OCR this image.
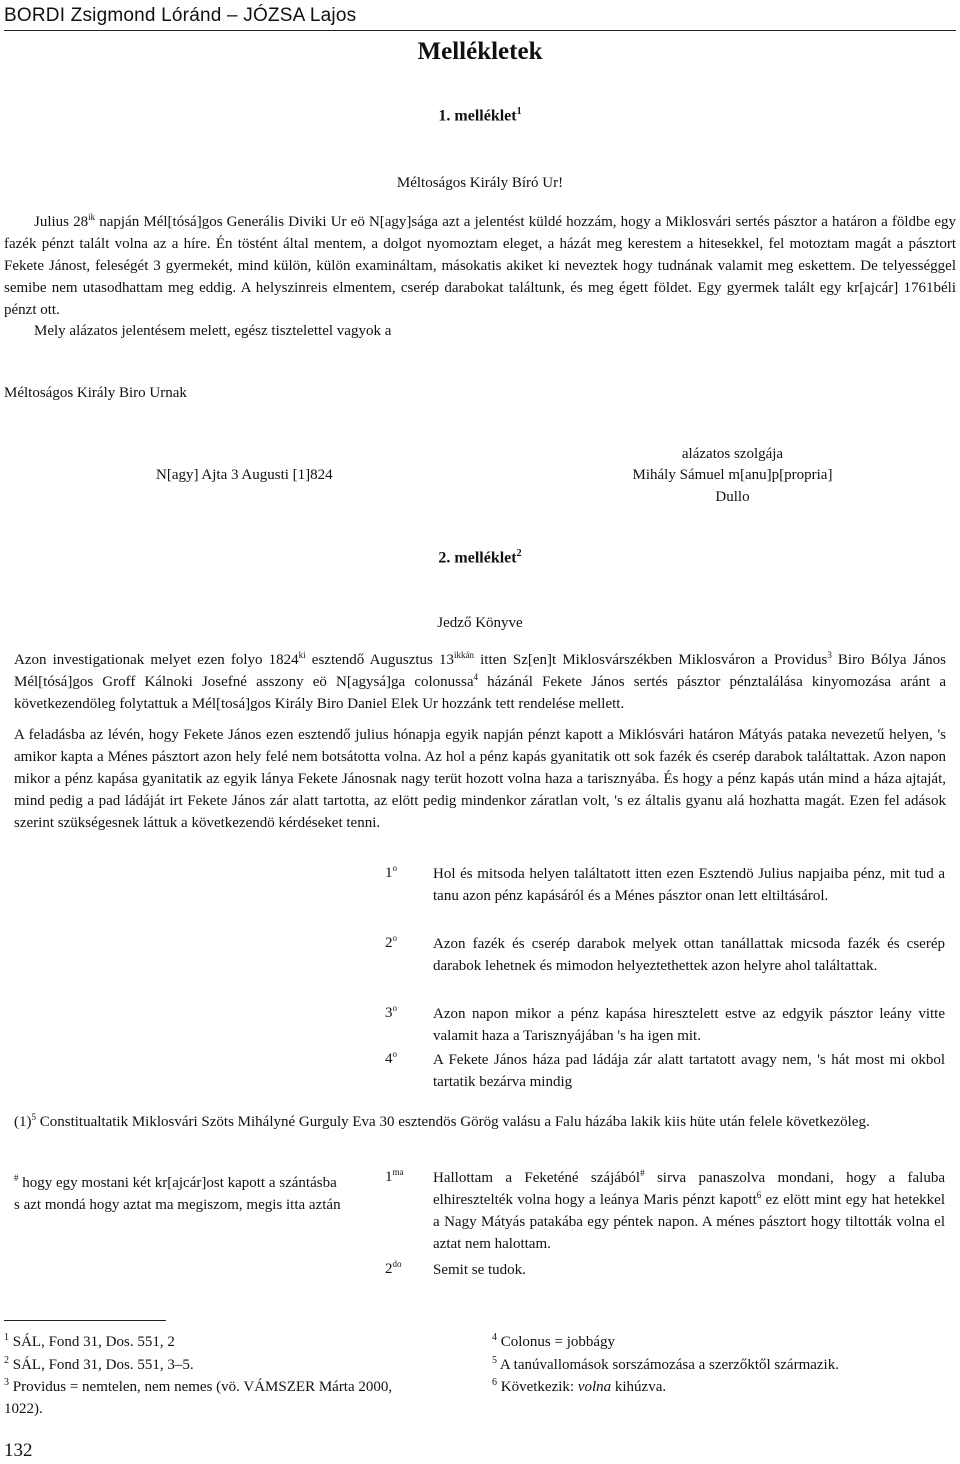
BORDI Zsigmond Lóránd – JÓZSA Lajos
Mellékletek
1. melléklet$^1$
Méltoságos Király Bíró Ur!
Julius $28^{ik}$ napján Mél[tósá]gos Generális Diviki Ur eö N[agy]sága azt a jelentést küldé hozzám, hogy a Miklosvári sertés pásztor a határon a földbe egy fazék pénzt talált volna az a híre. Én töstént által mentem, a dolgot nyomoztam eleget, a házát meg kerestem a hitesekkel, fel motoztam magát a pásztort Fekete Jánost, feleségét 3 gyermekét, mind külön, külön examináltam, másokatis akiket ki neveztek hogy tudnának valamit meg eskettem. De telyességgel semibe nem utasodhattam meg eddig. A helyszinreis elmentem, cserép darabokat találtunk, és meg égett földet. Egy gyermek talált egy kr[ajcár] 1761béli pénzt ott.
Mely alázatos jelentésem melett, egész tisztelettel vagyok a
Méltoságos Király Biro Urnak
N[agy] Ajta 3 Augusti [1]824
alázatos szolgája
Mihály Sámuel m[anu]p[propria]
Dullo
2. melléklet$^2$
Jedző Könyve
Azon investigationak melyet ezen folyo $1824^{ki}$ esztendő Augusztus $13^{ikkán}$ itten Sz[en]t Miklosvárszékben Miklosváron a Providus$^3$ Biro Bólya János Mél[tósá]gos Groff Kálnoki Josefné asszony eö N[agysá]ga colonussa$^4$ házánál Fekete János sertés pásztor pénztalálása kinyomozása aránt a következendöleg folytattuk a Mél[tosá]gos Király Biro Daniel Elek Ur hozzánk tett rendelése mellett.
A feladásba az lévén, hogy Fekete János ezen esztendő julius hónapja egyik napján pénzt kapott a Miklósvári határon Mátyás pataka nevezetű helyen, 's amikor kapta a Ménes pásztort azon hely felé nem botsátotta volna. Az hol a pénz kapás gyanitatik ott sok fazék és cserép darabok találtattak. Azon napon mikor a pénz kapása gyanitatik az egyik lánya Fekete Jánosnak nagy terüt hozott volna haza a tarisznyába. És hogy a pénz kapás után mind a háza ajtaját, mind pedig a pad ládáját irt Fekete János zár alatt tartotta, az elött pedig mindenkor záratlan volt, 's ez általis gyanu alá hozhatta magát. Ezen fel adások szerint szükségesnek láttuk a következendö kérdéseket tenni.
1$^o$	Hol és mitsoda helyen találtatott itten ezen Esztendö Julius napjaiba pénz, mit tud a tanu azon pénz kapásáról és a Ménes pásztor onan lett eltiltásárol.
2$^o$	Azon fazék és cserép darabok melyek ottan tanállattak micsoda fazék és cserép darabok lehetnek és mimodon helyeztethettek azon helyre ahol találtattak.
3$^o$	Azon napon mikor a pénz kapása hiresztelett estve az edgyik pásztor leány vitte valamit haza a Tarisznyájában 's ha igen mit.
4$^o$	A Fekete János háza pad ládája zár alatt tartatott avagy nem, 's hát most mi okbol tartatik bezárva mindig
$(1)^5$ Constitualtatik Miklosvári Szöts Mihályné Gurguly Eva 30 esztendös Görög valásu a Falu házába lakik kiis hüte után felele következöleg.
# hogy egy mostani két kr[ajcár]ost kapott a szántásba s azt mondá hogy aztat ma megiszom, megis itta aztán
$1^{ma}$	Hallottam a Feketéné szájából# sirva panaszolva mondani, hogy a faluba elhiresztelték volna hogy a leánya Maris pénzt kapott$^6$ ez elött mint egy hat hetekkel a Nagy Mátyás patakába egy péntek napon. A ménes pásztort hogy tiltották volna el aztat nem halottam.
$2^{do}$	Semit se tudok.
$^1$ SÁL, Fond 31, Dos. 551, 2
$^2$ SÁL, Fond 31, Dos. 551, 3–5.
$^3$ Providus = nemtelen, nem nemes (vö. VÁMSZER Márta 2000, 1022).
$^4$ Colonus = jobbágy
$^5$ A tanúvallomások sorszámozása a szerzőktől származik.
$^6$ Következik: volna kihúzva.
132
